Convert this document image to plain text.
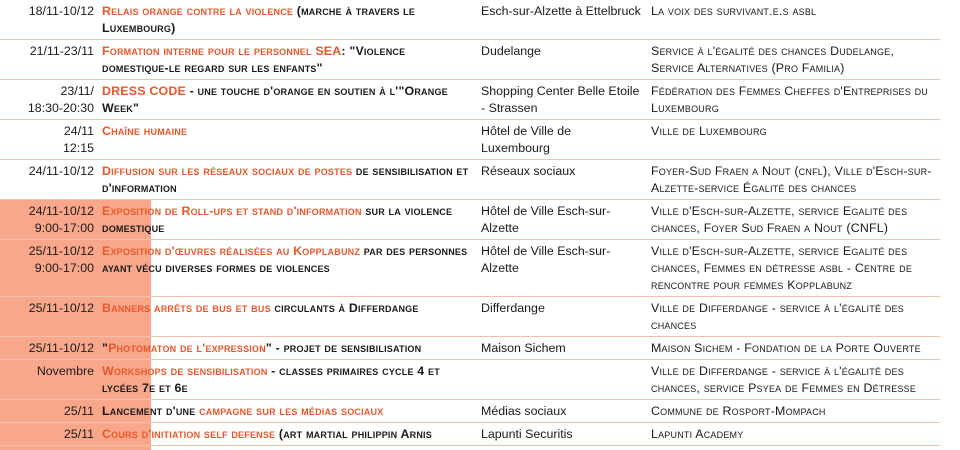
18/11-10/12	Relais orange contre la violence (marche à travers le Luxembourg)	Esch-sur-Alzette à Ettelbruck	La voix des survivant.e.s asbl

21/11-23/11	Formation interne pour le personnel SEA: "Violence domestique-le regard sur les enfants"	Dudelange	Service à l'égalité des chances Dudelange, Service Alternatives (Pro Familia)

23/11/
18:30-20:30	DRESS CODE - une touche d'orange en soutien à l'"Orange Week"	Shopping Center Belle Etoile - Strassen	Fédération des Femmes Cheffes d'Entreprises du Luxembourg

24/11
12:15	Chaîne humaine	Hôtel de Ville de Luxembourg	Ville de Luxembourg

24/11-10/12	Diffusion sur les réseaux sociaux de postes de sensibilisation et d'information	Réseaux sociaux	Foyer-Sud Fraen a Nout (cnfl), Ville d'Esch-sur-Alzette-service Égalité des chances

24/11-10/12
9:00-17:00	Exposition de Roll-ups et stand d'information sur la violence domestique	Hôtel de Ville Esch-sur-Alzette	Ville d'Esch-sur-Alzette, service Egalité des chances, Foyer Sud Fraen a Nout (CNFL)

25/11-10/12
9:00-17:00	Exposition d'œuvres réalisées au Kopplabunz par des personnes ayant vécu diverses formes de violences	Hôtel de Ville Esch-sur-Alzette	Ville d'Esch-sur-Alzette, service Egalité des chances, Femmes en détresse asbl - Centre de rencontre pour femmes Kopplabunz

25/11-10/12	Banners arrêts de bus et bus circulants à Differdange	Differdange	Ville de Differdange - service à l'égalité des chances

25/11-10/12	"Photomaton de l'expression" - projet de sensibilisation	Maison Sichem	Maison Sichem - Fondation de la Porte Ouverte

Novembre	Workshops de sensibilisation - classes primaires cycle 4 et lycées 7e et 6e		Ville de Differdange - service à l'égalité des chances, service Psyea de Femmes en Détresse

25/11	Lancement d'une campagne sur les médias sociaux	Médias sociaux	Commune de Rosport-Mompach

25/11	Cours d'initiation self defense (art martial philippin Arnis	Lapunti Securitis	Lapunti Academy
